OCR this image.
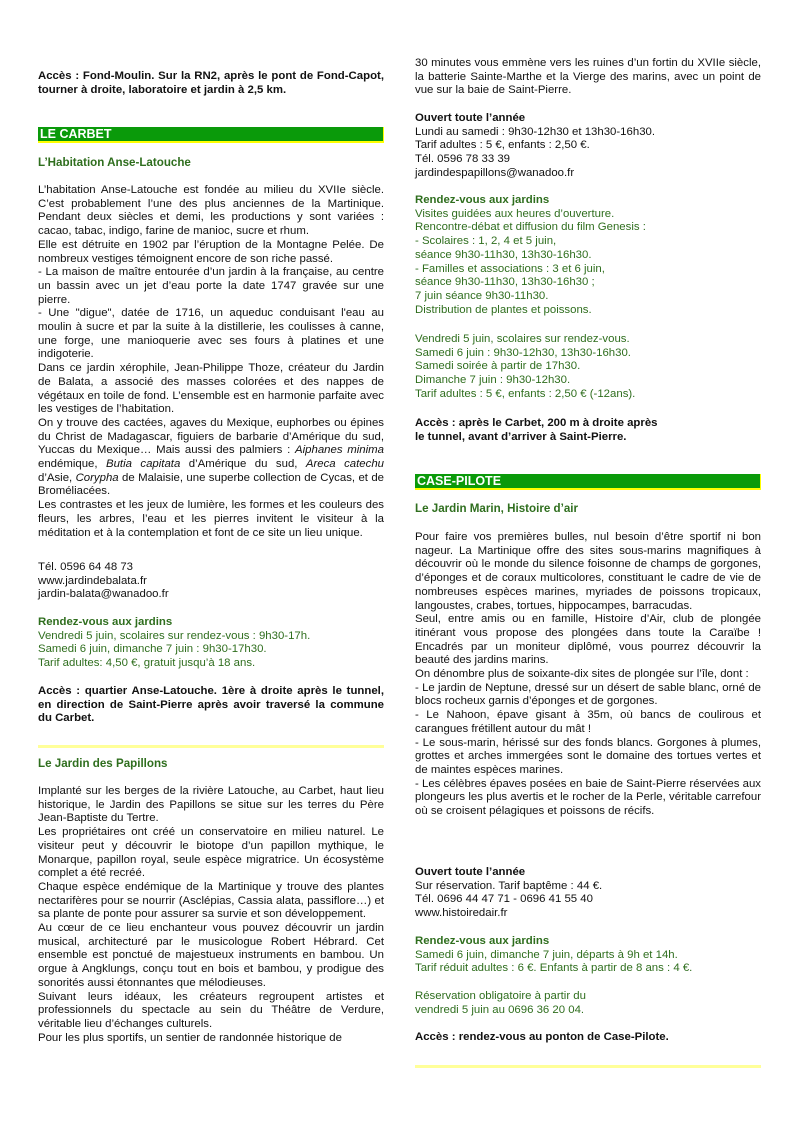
Accès : Fond-Moulin. Sur la RN2, après le pont de Fond-Capot, tourner à droite, laboratoire et jardin à 2,5 km.

LE CARBET
L’Habitation Anse-Latouche

L’habitation Anse-Latouche est fondée au milieu du XVIIe siècle. C’est probablement l’une des plus anciennes de la Martinique. Pendant deux siècles et demi, les productions y sont variées : cacao, tabac, indigo, farine de manioc, sucre et rhum.

Elle est détruite en 1902 par l’éruption de la Montagne Pelée. De nombreux vestiges témoignent encore de son riche passé.

- La maison de maître entourée d’un jardin à la française, au centre un bassin avec un jet d’eau porte la date 1747 gravée sur une pierre.

- Une "digue", datée de 1716, un aqueduc conduisant l'eau au moulin à sucre et par la suite à la distillerie, les coulisses à canne, une forge, une manioquerie avec ses fours à platines et une indigoterie.

Dans ce jardin xérophile, Jean-Philippe Thoze, créateur du Jardin de Balata, a associé des masses colorées et des nappes de végétaux en toile de fond. L’ensemble est en harmonie parfaite avec les vestiges de l’habitation.

On y trouve des cactées, agaves du Mexique, euphorbes ou épines du Christ de Madagascar, figuiers de barbarie d’Amérique du sud, Yuccas du Mexique… Mais aussi des palmiers : Aiphanes minima endémique, Butia capitata d’Amérique du sud, Areca catechu d’Asie, Corypha de Malaisie, une superbe collection de Cycas, et de Broméliacées.

Les contrastes et les jeux de lumière, les formes et les couleurs des fleurs, les arbres, l’eau et les pierres invitent le visiteur à la méditation et à la contemplation et font de ce site un lieu unique.

Tél. 0596 64 48 73
www.jardindebalata.fr
jardin-balata@wanadoo.fr
Rendez-vous aux jardins
Vendredi 5 juin, scolaires sur rendez-vous : 9h30-17h.
Samedi 6 juin, dimanche 7 juin : 9h30-17h30.
Tarif adultes: 4,50 €, gratuit jusqu’à 18 ans.

Accès : quartier Anse-Latouche. 1ère à droite après le tunnel, en direction de Saint-Pierre après avoir traversé la commune du Carbet.

Le Jardin des Papillons

Implanté sur les berges de la rivière Latouche, au Carbet, haut lieu historique, le Jardin des Papillons se situe sur les terres du Père Jean-Baptiste du Tertre.

Les propriétaires ont créé un conservatoire en milieu naturel. Le visiteur peut y découvrir le biotope d’un papillon mythique, le Monarque, papillon royal, seule espèce migratrice. Un écosystème complet a été recréé.

Chaque espèce endémique de la Martinique y trouve des plantes nectarifères pour se nourrir (Asclépias, Cassia alata, passiflore…) et sa plante de ponte pour assurer sa survie et son développement.

Au cœur de ce lieu enchanteur vous pouvez découvrir un jardin musical, architecturé par le musicologue Robert Hébrard. Cet ensemble est ponctué de majestueux instruments en bambou. Un orgue à Angklungs, conçu tout en bois et bambou, y prodigue des sonorités aussi étonnantes que mélodieuses.

Suivant leurs idéaux, les créateurs regroupent artistes et professionnels du spectacle au sein du Théâtre de Verdure, véritable lieu d’échanges culturels.

Pour les plus sportifs, un sentier de randonnée historique de

30 minutes vous emmène vers les ruines d’un fortin du XVIIe siècle, la batterie Sainte-Marthe et la Vierge des marins, avec un point de vue sur la baie de Saint-Pierre.

Ouvert toute l’année
Lundi au samedi : 9h30-12h30 et 13h30-16h30.
Tarif adultes : 5 €, enfants : 2,50 €.
Tél. 0596 78 33 39
jardindespapillons@wanadoo.fr
Rendez-vous aux jardins
Visites guidées aux heures d’ouverture.
Rencontre-débat et diffusion du film Genesis :
- Scolaires : 1, 2, 4 et 5 juin,
séance 9h30-11h30, 13h30-16h30.
- Familles et associations : 3 et 6 juin,
séance 9h30-11h30, 13h30-16h30 ;
7 juin séance 9h30-11h30.
Distribution de plantes et poissons.
Vendredi 5 juin, scolaires sur rendez-vous.
Samedi 6 juin : 9h30-12h30, 13h30-16h30.
Samedi soirée à partir de 17h30.
Dimanche 7 juin : 9h30-12h30.
Tarif adultes : 5 €, enfants : 2,50 € (-12ans).
Accès : après le Carbet, 200 m à droite après
le tunnel, avant d’arriver à Saint-Pierre.
CASE-PILOTE
Le Jardin Marin, Histoire d’air

Pour faire vos premières bulles, nul besoin d’être sportif ni bon nageur. La Martinique offre des sites sous-marins magnifiques à découvrir où le monde du silence foisonne de champs de gorgones, d’éponges et de coraux multicolores, constituant le cadre de vie de nombreuses espèces marines, myriades de poissons tropicaux, langoustes, crabes, tortues, hippocampes, barracudas.

Seul, entre amis ou en famille, Histoire d’Air, club de plongée itinérant vous propose des plongées dans toute la Caraïbe ! Encadrés par un moniteur diplômé, vous pourrez découvrir la beauté des jardins marins.

On dénombre plus de soixante-dix sites de plongée sur l’île, dont :

- Le jardin de Neptune, dressé sur un désert de sable blanc, orné de blocs rocheux garnis d’éponges et de gorgones.

- Le Nahoon, épave gisant à 35m, où bancs de coulirous et carangues frétillent autour du mât !

- Le sous-marin, hérissé sur des fonds blancs. Gorgones à plumes, grottes et arches immergées sont le domaine des tortues vertes et de maintes espèces marines.

- Les célèbres épaves posées en baie de Saint-Pierre réservées aux plongeurs les plus avertis et le rocher de la Perle, véritable carrefour où se croisent pélagiques et poissons de récifs.

Ouvert toute l’année
Sur réservation. Tarif baptême : 44 €.
Tél. 0696 44 47 71 - 0696 41 55 40
www.histoiredair.fr
Rendez-vous aux jardins
Samedi 6 juin, dimanche 7 juin, départs à 9h et 14h.
Tarif réduit adultes : 6 €. Enfants à partir de 8 ans : 4 €.
Réservation obligatoire à partir du
vendredi 5 juin au 0696 36 20 04.

Accès : rendez-vous au ponton de Case-Pilote.
